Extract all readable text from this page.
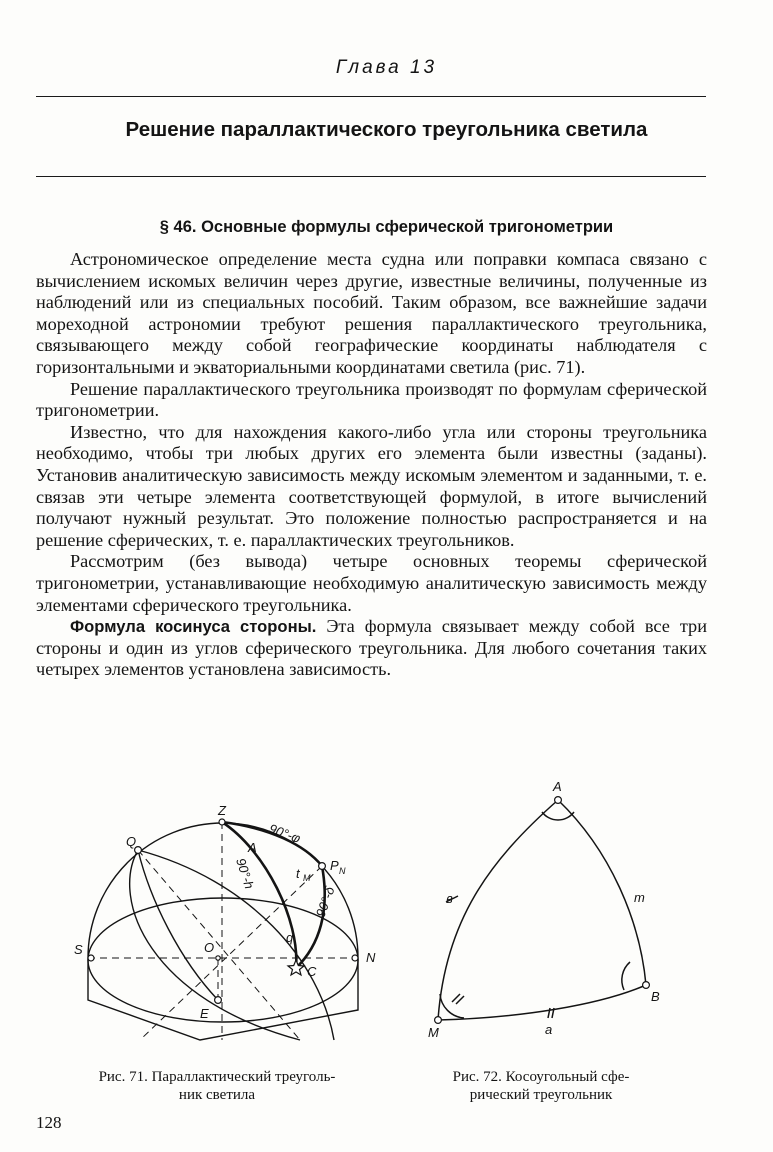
Глава 13
Решение параллактического треугольника светила
§ 46. Основные формулы сферической тригонометрии

Астрономическое определение места судна или поправки компаса связано с вычислением искомых величин через другие, известные величины, полученные из наблюдений или из специальных пособий. Таким образом, все важнейшие задачи мореходной астрономии требуют решения параллактического треугольника, связывающего между собой географические координаты наблюдателя с горизонтальными и экваториальными координатами светила (рис. 71).

Решение параллактического треугольника производят по формулам сферической тригонометрии.

Известно, что для нахождения какого-либо угла или стороны треугольника необходимо, чтобы три любых других его элемента были известны (заданы). Установив аналитическую зависимость между искомым элементом и заданными, т. е. связав эти четыре элемента соответствующей формулой, в итоге вычислений получают нужный результат. Это положение полностью распространяется и на решение сферических, т. е. параллактических треугольников.

Рассмотрим (без вывода) четыре основных теоремы сферической тригонометрии, устанавливающие необходимую аналитическую зависимость между элементами сферического треугольника.

Формула косинуса стороны. Эта формула связывает между собой все три стороны и один из углов сферического треугольника. Для любого сочетания таких четырех элементов установлена зависимость.

Z
Q
P N
S
N
O
E
C
A
90°-φ
90°-h
90°-δ
t M
q
Рис. 71. Параллактический треуголь-
ник светила
A
B
M
в	m
а
Рис. 72. Косоугольный сфе-
рический треугольник
128
